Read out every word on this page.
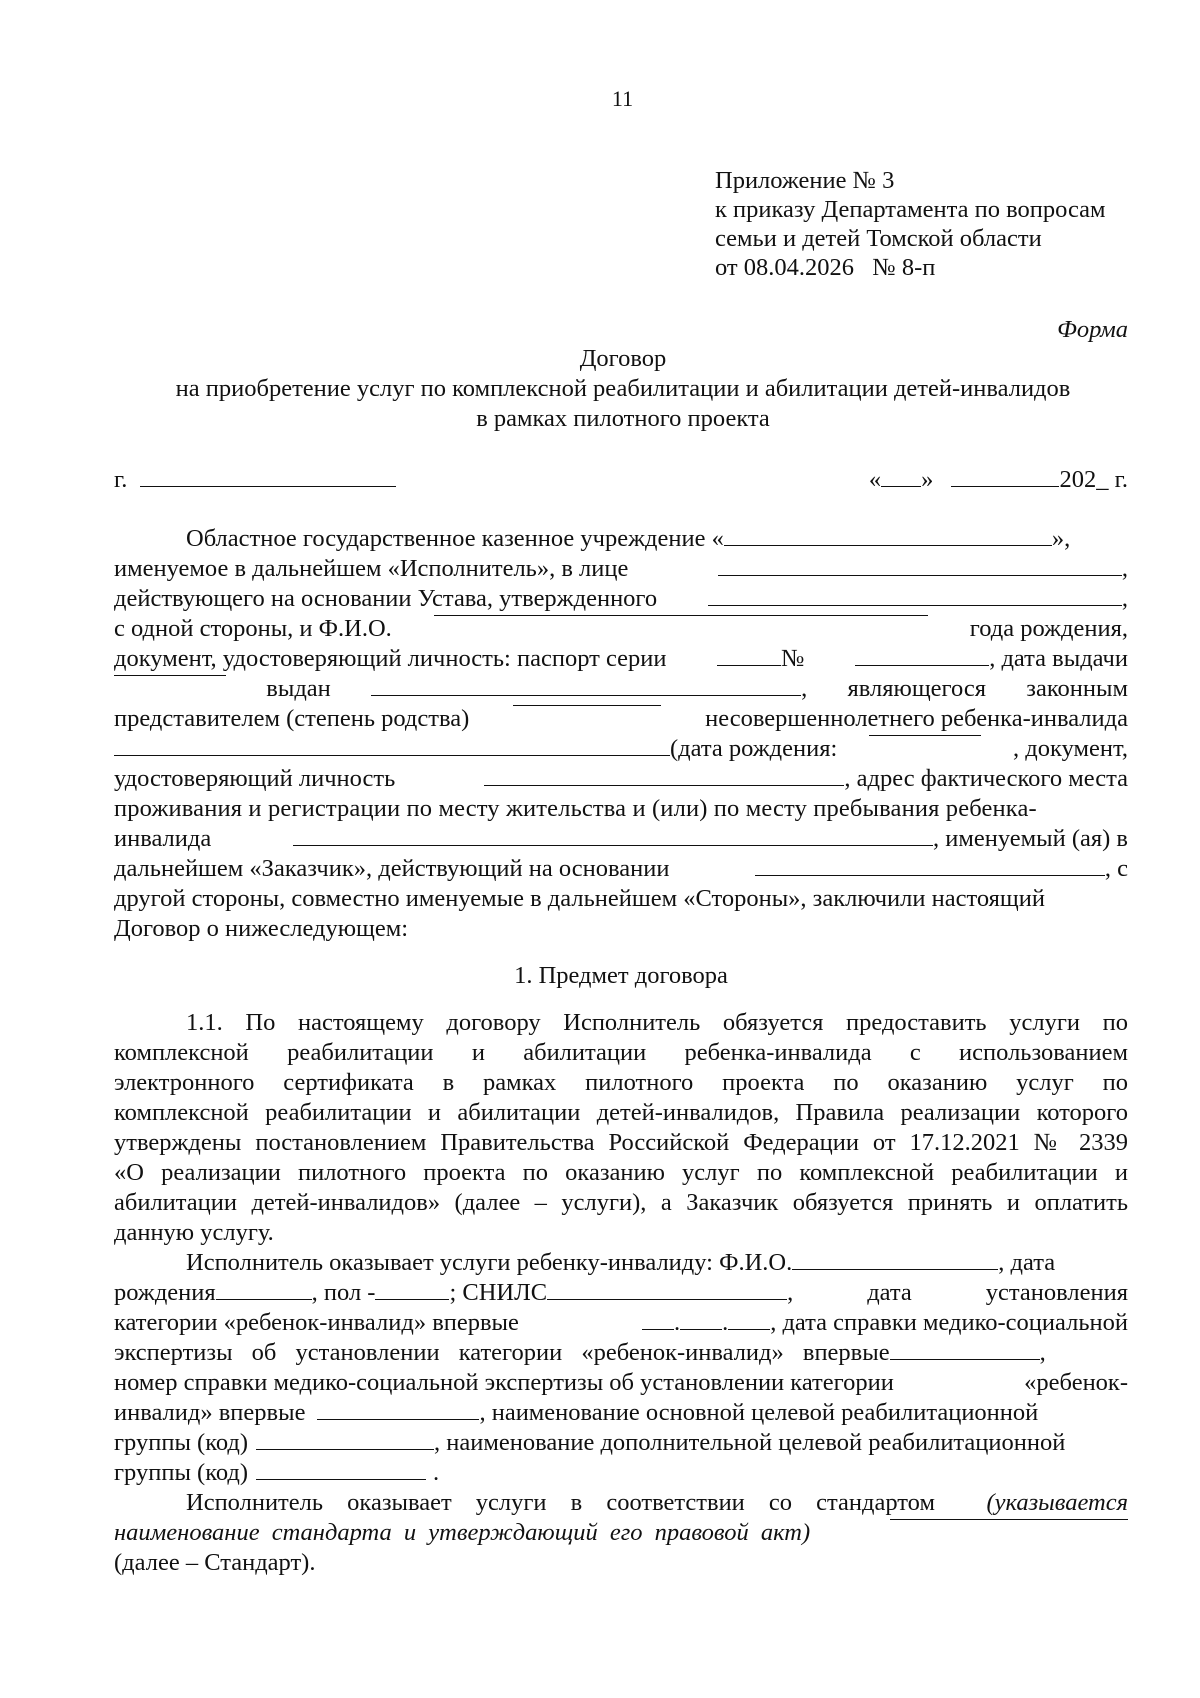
11
Приложение № 3
к приказу Департамента по вопросам
семьи и детей Томской области
от 08.04.2026   № 8-п
Форма
Договор
на приобретение услуг по комплексной реабилитации и абилитации детей-инвалидов
в рамках пилотного проекта
г.	« »	202_ г.
Областное государственное казенное учреждение «	»,
именуемое в дальнейшем «Исполнитель», в лице	,
действующего на основании Устава, утвержденного	,
с одной стороны, и Ф.И.О.	года рождения,
документ, удостоверяющий личность: паспорт серии	№	, дата выдачи
выдан	, являющегося законным
представителем (степень родства)	несовершеннолетнего ребенка-инвалида
(дата рождения:	, документ,
удостоверяющий личность	, адрес фактического места
проживания и регистрации по месту жительства и (или) по месту пребывания ребенка-
инвалида	, именуемый (ая) в
дальнейшем «Заказчик», действующий на основании	, с
другой стороны, совместно именуемые в дальнейшем «Стороны», заключили настоящий
Договор о нижеследующем:
1. Предмет договора
1.1. По настоящему договору Исполнитель обязуется предоставить услуги по
комплексной реабилитации и абилитации ребенка-инвалида с использованием
электронного сертификата в рамках пилотного проекта по оказанию услуг по
комплексной реабилитации и абилитации детей-инвалидов, Правила реализации которого
утверждены постановлением Правительства Российской Федерации от 17.12.2021 № 2339
«О реализации пилотного проекта по оказанию услуг по комплексной реабилитации и
абилитации детей-инвалидов» (далее – услуги), а Заказчик обязуется принять и оплатить
данную услугу.
Исполнитель оказывает услуги ребенку-инвалиду: Ф.И.О.	, дата
рождения	, пол -	; СНИЛС	,	дата	установления
категории «ребенок-инвалид» впервые	. . , дата справки медико-социальной
экспертизы об установлении категории «ребенок-инвалид» впервые	,
номер справки медико-социальной экспертизы об установлении категории	«ребенок-
инвалид» впервые	, наименование основной целевой реабилитационной
группы (код)	, наименование дополнительной целевой реабилитационной
группы (код)	.
Исполнитель оказывает услуги в соответствии со стандартом (указывается
наименование стандарта и утверждающий его правовой акт)
(далее – Стандарт).
